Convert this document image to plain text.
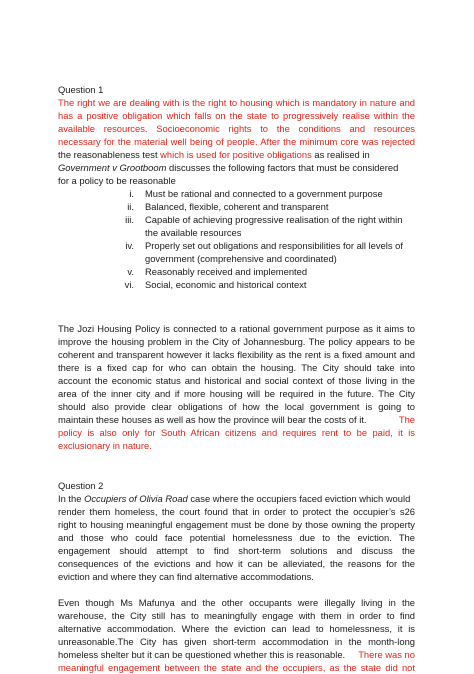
Question 1
The right we are dealing with is the right to housing which is mandatory in nature and
has a positive obligation which falls on the state to progressively realise within the
available resources. Socioeconomic rights to the conditions and resources
necessary for the material well being of people. After the minimum core was rejected
the reasonableness test which is used for positive obligations as realised in
Government v Grootboom discusses the following factors that must be considered
for a policy to be reasonable
i. Must be rational and connected to a government purpose
ii. Balanced, flexible, coherent and transparent
iii. Capable of achieving progressive realisation of the right within
the available resources
iv. Properly set out obligations and responsibilities for all levels of
government (comprehensive and coordinated)
v. Reasonably received and implemented
vi. Social, economic and historical context
The Jozi Housing Policy is connected to a rational government purpose as it aims to
improve the housing problem in the City of Johannesburg. The policy appears to be
coherent and transparent however it lacks flexibility as the rent is a fixed amount and
there is a fixed cap for who can obtain the housing. The City should take into
account the economic status and historical and social context of those living in the
area of the inner city and if more housing will be required in the future. The City
should also provide clear obligations of how the local government is going to
maintain these houses as well as how the province will bear the costs of it.	The
policy is also only for South African citizens and requires rent to be paid, it is
exclusionary in nature.
Question 2
In the Occupiers of Olivia Road case where the occupiers faced eviction which would
render them homeless, the court found that in order to protect the occupier’s s26
right to housing meaningful engagement must be done by those owning the property
and those who could face potential homelessness due to the eviction. The
engagement should attempt to find short-term solutions and discuss the
consequences of the evictions and how it can be alleviated, the reasons for the
eviction and where they can find alternative accommodations.
Even though Ms Mafunya and the other occupants were illegally living in the
warehouse, the City still has to meaningfully engage with them in order to find
alternative accommodation. Where the eviction can lead to homelessness, it is
unreasonable.The City has given short-term accommodation in the month-long
homeless shelter but it can be questioned whether this is reasonable. There was no
meaningful engagement between the state and the occupiers, as the state did not
